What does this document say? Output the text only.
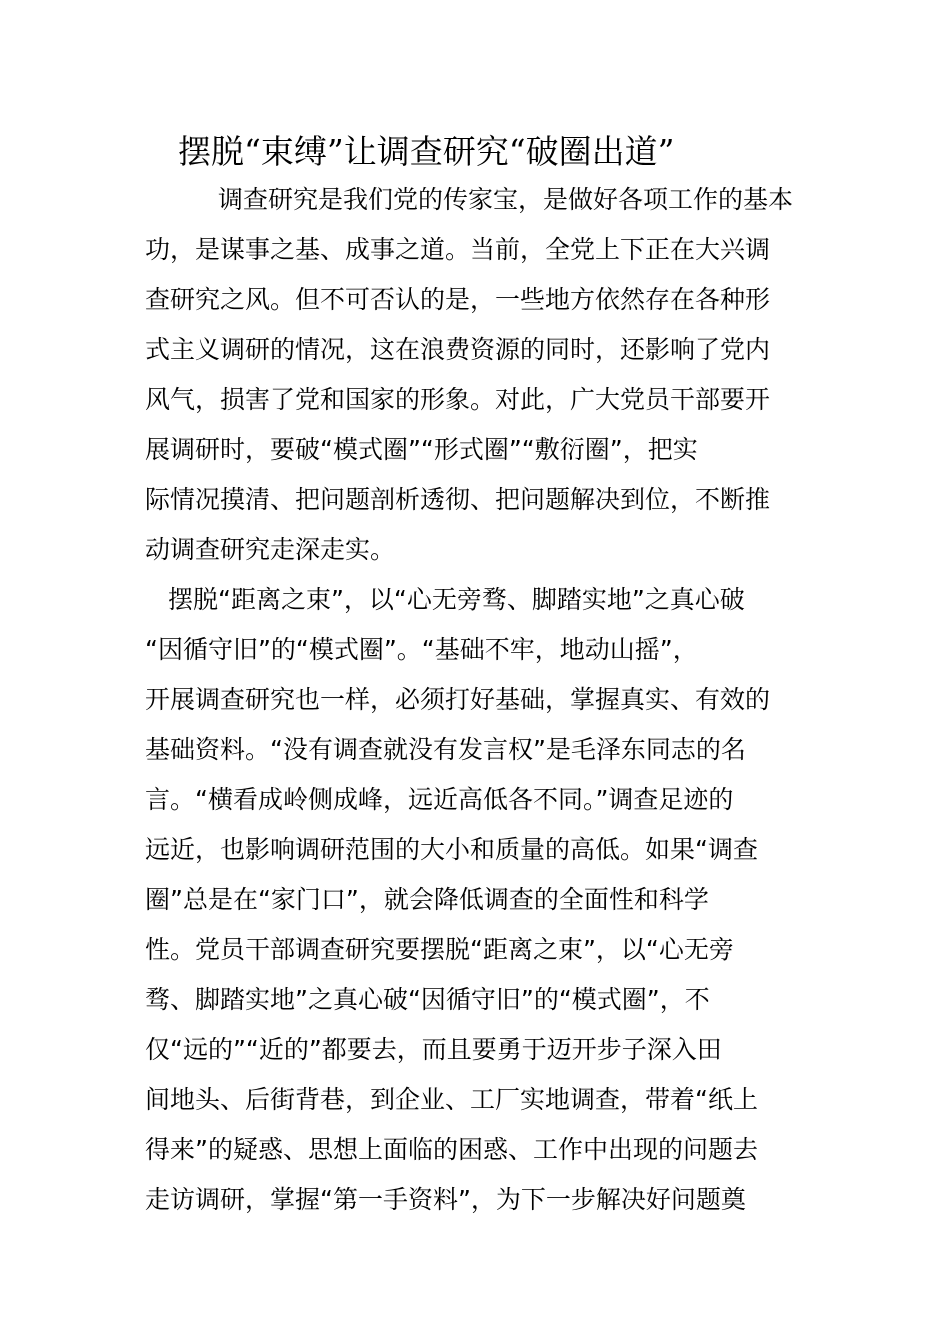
摆脱“束缚”让调查研究“破圈出道”
调查研究是我们党的传家宝，是做好各项工作的基本
功，是谋事之基、成事之道。当前，全党上下正在大兴调
查研究之风。但不可否认的是，一些地方依然存在各种形
式主义调研的情况，这在浪费资源的同时，还影响了党内
风气，损害了党和国家的形象。对此，广大党员干部要开
展调研时，要破“模式圈”“形式圈”“敷衍圈”，把实
际情况摸清、把问题剖析透彻、把问题解决到位，不断推
动调查研究走深走实。
摆脱“距离之束”，以“心无旁骛、脚踏实地”之真心破
“因循守旧”的“模式圈”。“基础不牢，地动山摇”，
开展调查研究也一样，必须打好基础，掌握真实、有效的
基础资料。“没有调查就没有发言权”是毛泽东同志的名
言。“横看成岭侧成峰，远近高低各不同。”调查足迹的
远近，也影响调研范围的大小和质量的高低。如果“调查
圈”总是在“家门口”，就会降低调查的全面性和科学
性。党员干部调查研究要摆脱“距离之束”，以“心无旁
骛、脚踏实地”之真心破“因循守旧”的“模式圈”，不
仅“远的”“近的”都要去，而且要勇于迈开步子深入田
间地头、后街背巷，到企业、工厂实地调查，带着“纸上
得来”的疑惑、思想上面临的困惑、工作中出现的问题去
走访调研，掌握“第一手资料”，为下一步解决好问题奠
